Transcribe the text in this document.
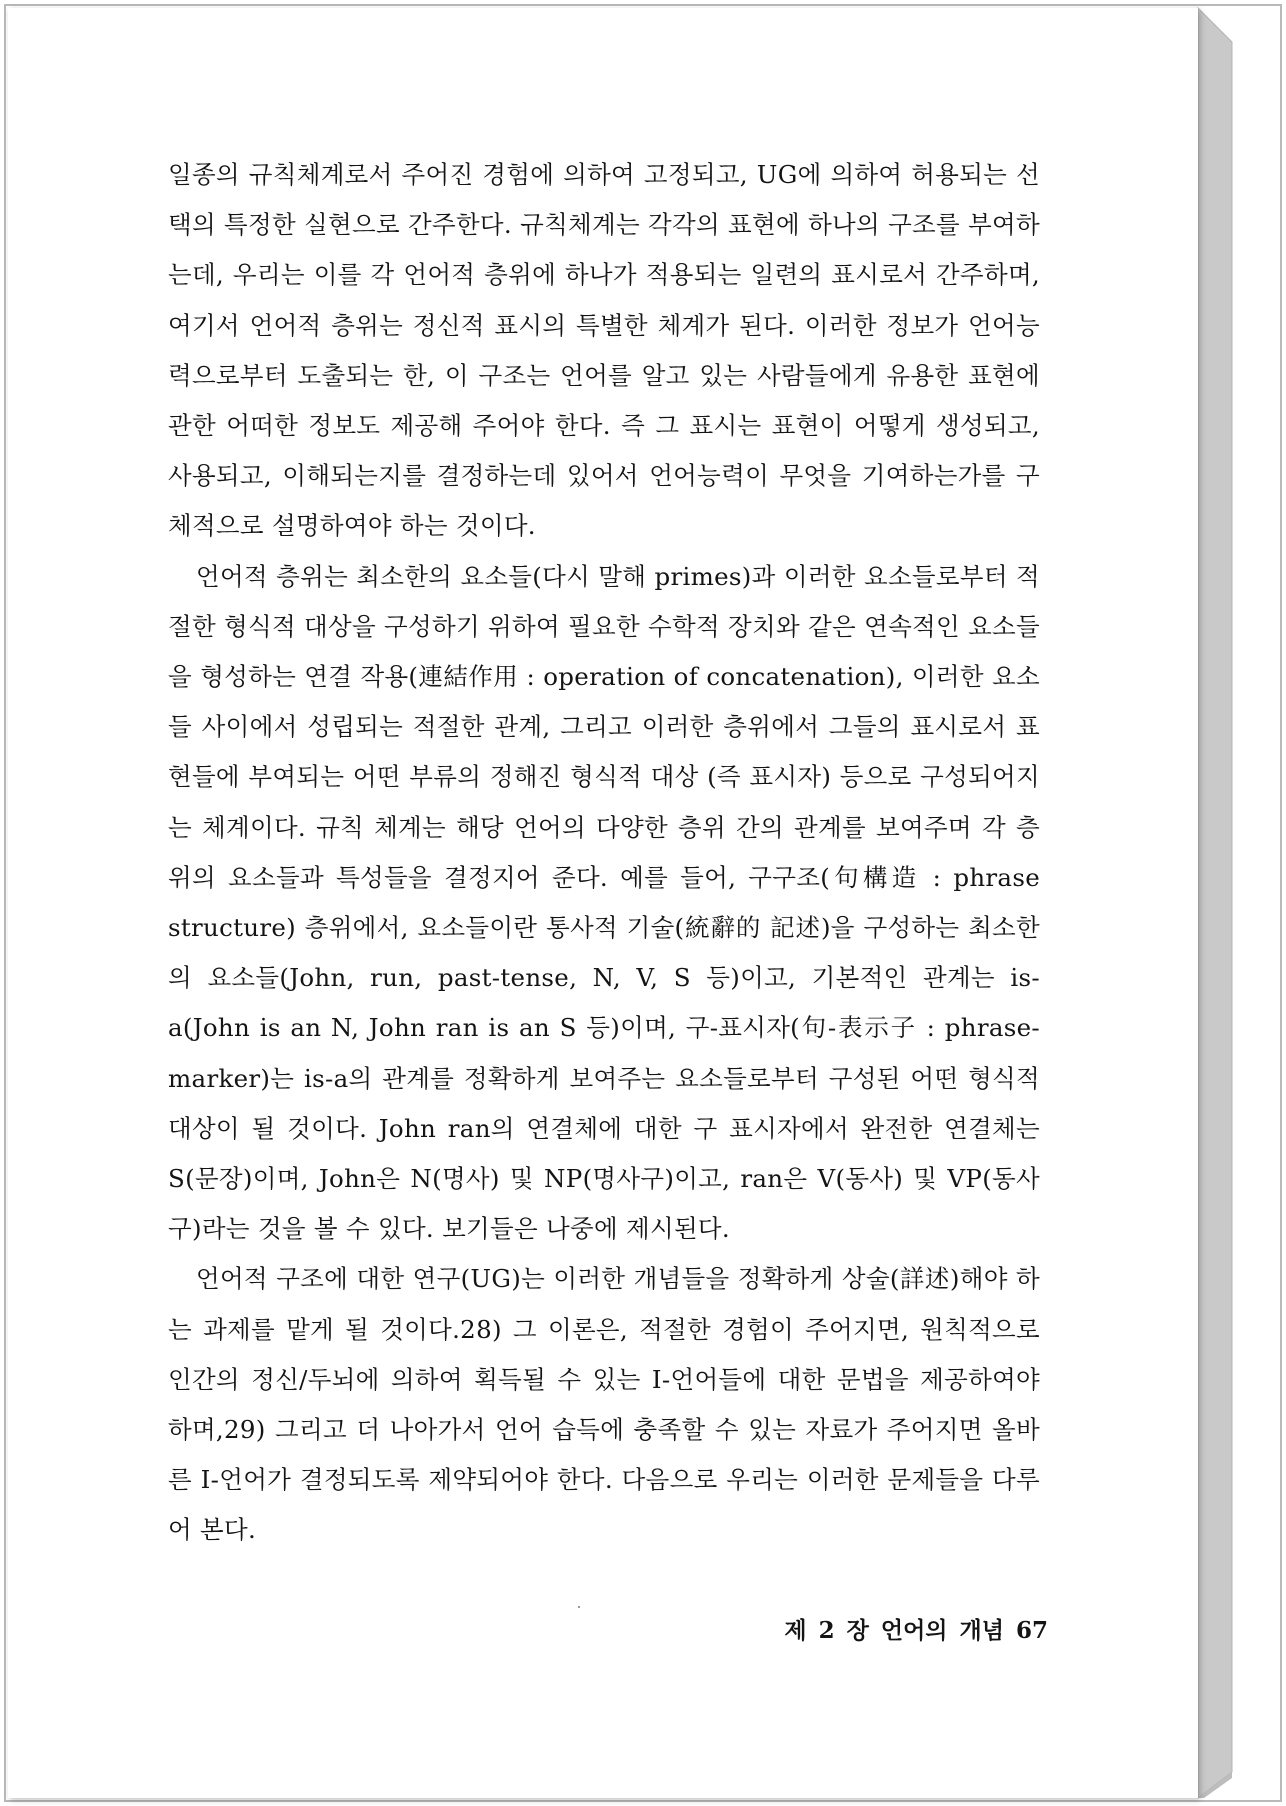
일종의 규칙체계로서 주어진 경험에 의하여 고정되고, UG에 의하여 허용되는 선택의 특정한 실현으로 간주한다. 규칙체계는 각각의 표현에 하나의 구조를 부여하는데, 우리는 이를 각 언어적 층위에 하나가 적용되는 일련의 표시로서 간주하며, 여기서 언어적 층위는 정신적 표시의 특별한 체계가 된다. 이러한 정보가 언어능력으로부터 도출되는 한, 이 구조는 언어를 알고 있는 사람들에게 유용한 표현에 관한 어떠한 정보도 제공해 주어야 한다. 즉 그 표시는 표현이 어떻게 생성되고, 사용되고, 이해되는지를 결정하는데 있어서 언어능력이 무엇을 기여하는가를 구체적으로 설명하여야 하는 것이다.

언어적 층위는 최소한의 요소들(다시 말해 primes)과 이러한 요소들로부터 적절한 형식적 대상을 구성하기 위하여 필요한 수학적 장치와 같은 연속적인 요소들을 형성하는 연결 작용(連結作用 : operation of concatenation), 이러한 요소들 사이에서 성립되는 적절한 관계, 그리고 이러한 층위에서 그들의 표시로서 표현들에 부여되는 어떤 부류의 정해진 형식적 대상 (즉 표시자) 등으로 구성되어지는 체계이다. 규칙 체계는 해당 언어의 다양한 층위 간의 관계를 보여주며 각 층위의 요소들과 특성들을 결정지어 준다. 예를 들어, 구구조(句構造 : phrase structure) 층위에서, 요소들이란 통사적 기술(統辭的 記述)을 구성하는 최소한의 요소들(John, run, past-tense, N, V, S 등)이고, 기본적인 관계는 is-a(John is an N, John ran is an S 등)이며, 구-표시자(句-表示子 : phrase-marker)는 is-a의 관계를 정확하게 보여주는 요소들로부터 구성된 어떤 형식적 대상이 될 것이다. John ran의 연결체에 대한 구 표시자에서 완전한 연결체는 S(문장)이며, John은 N(명사) 및 NP(명사구)이고, ran은 V(동사) 및 VP(동사구)라는 것을 볼 수 있다. 보기들은 나중에 제시된다.

언어적 구조에 대한 연구(UG)는 이러한 개념들을 정확하게 상술(詳述)해야 하는 과제를 맡게 될 것이다.28) 그 이론은, 적절한 경험이 주어지면, 원칙적으로 인간의 정신/두뇌에 의하여 획득될 수 있는 I-언어들에 대한 문법을 제공하여야 하며,29) 그리고 더 나아가서 언어 습득에 충족할 수 있는 자료가 주어지면 올바른 I-언어가 결정되도록 제약되어야 한다. 다음으로 우리는 이러한 문제들을 다루어 본다.

제 2 장 언어의 개념 67
